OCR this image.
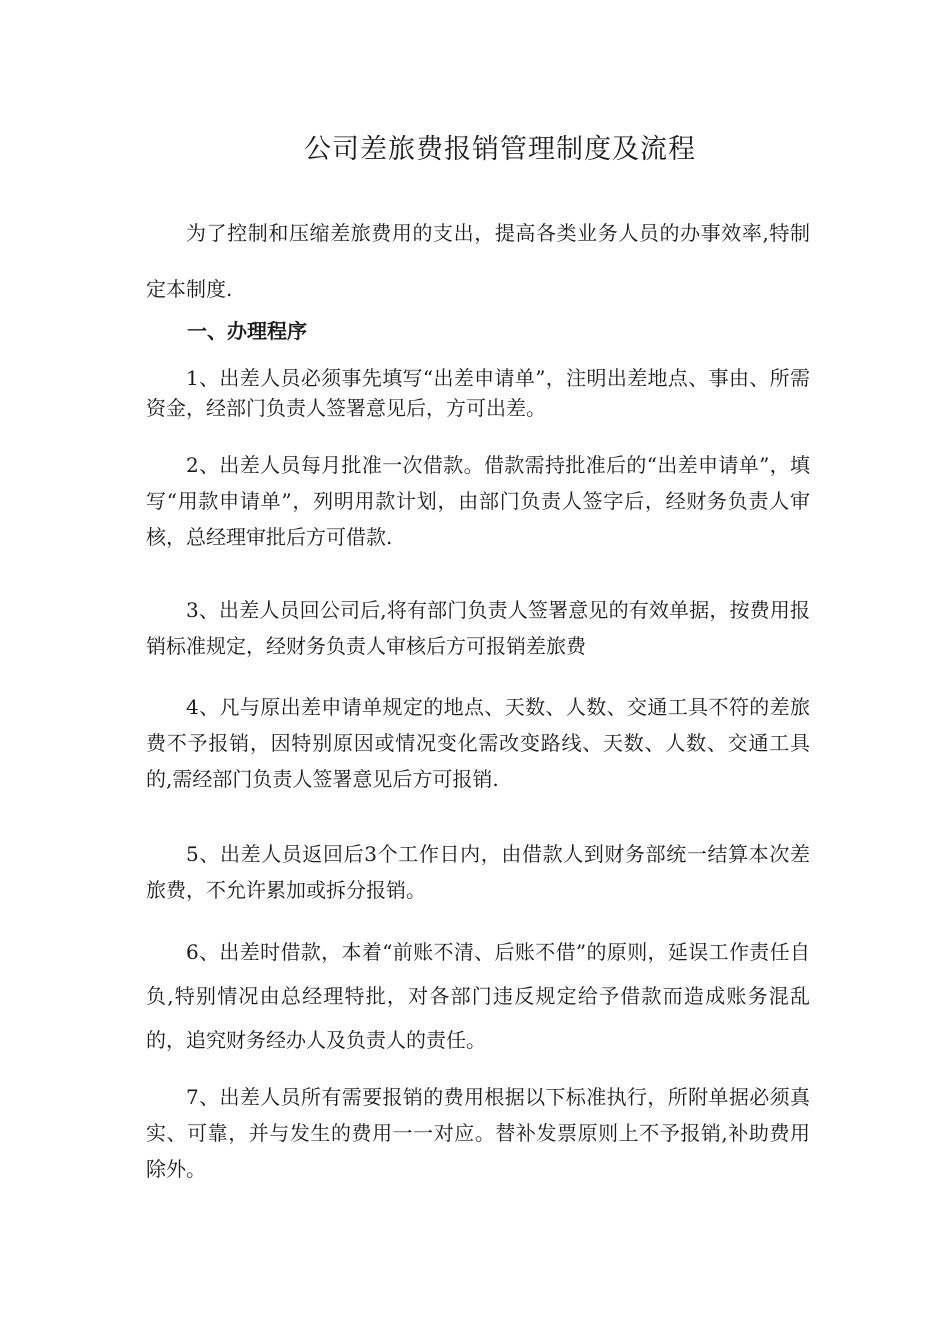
公司差旅费报销管理制度及流程

为了控制和压缩差旅费用的支出，提高各类业务人员的办事效率,特制定本制度.

一、办理程序

1、出差人员必须事先填写“出差申请单”，注明出差地点、事由、所需资金，经部门负责人签署意见后，方可出差。

2、出差人员每月批准一次借款。借款需持批准后的“出差申请单”，填写“用款申请单”，列明用款计划，由部门负责人签字后，经财务负责人审核，总经理审批后方可借款.

3、出差人员回公司后,将有部门负责人签署意见的有效单据，按费用报销标准规定，经财务负责人审核后方可报销差旅费

4、凡与原出差申请单规定的地点、天数、人数、交通工具不符的差旅费不予报销，因特别原因或情况变化需改变路线、天数、人数、交通工具的,需经部门负责人签署意见后方可报销.

5、出差人员返回后3个工作日内，由借款人到财务部统一结算本次差旅费，不允许累加或拆分报销。

6、出差时借款，本着“前账不清、后账不借”的原则，延误工作责任自负,特别情况由总经理特批，对各部门违反规定给予借款而造成账务混乱的，追究财务经办人及负责人的责任。

7、出差人员所有需要报销的费用根据以下标准执行，所附单据必须真实、可靠，并与发生的费用一一对应。替补发票原则上不予报销,补助费用除外。
